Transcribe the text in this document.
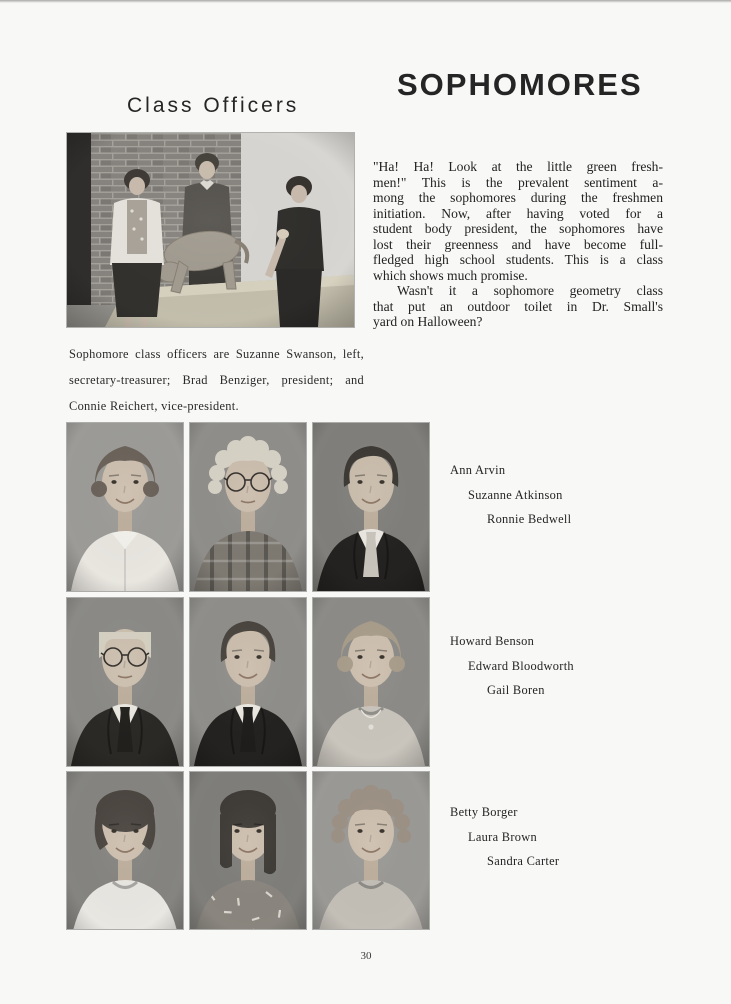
Class Officers
SOPHOMORES
Sophomore class officers are Suzanne Swanson, left,
secretary-treasurer; Brad Benziger, president; and
Connie Reichert, vice-president.
"Ha! Ha! Look at the little green fresh-
men!" This is the prevalent sentiment a-
mong the sophomores during the freshmen
initiation. Now, after having voted for a
student body president, the sophomores have
lost their greenness and have become full-
fledged high school students. This is a class
which shows much promise.
Wasn't it a sophomore geometry class
that put an outdoor toilet in Dr. Small's
yard on Halloween?
Ann Arvin
Suzanne Atkinson
Ronnie Bedwell
Howard Benson
Edward Bloodworth
Gail Boren
Betty Borger
Laura Brown
Sandra Carter
30
